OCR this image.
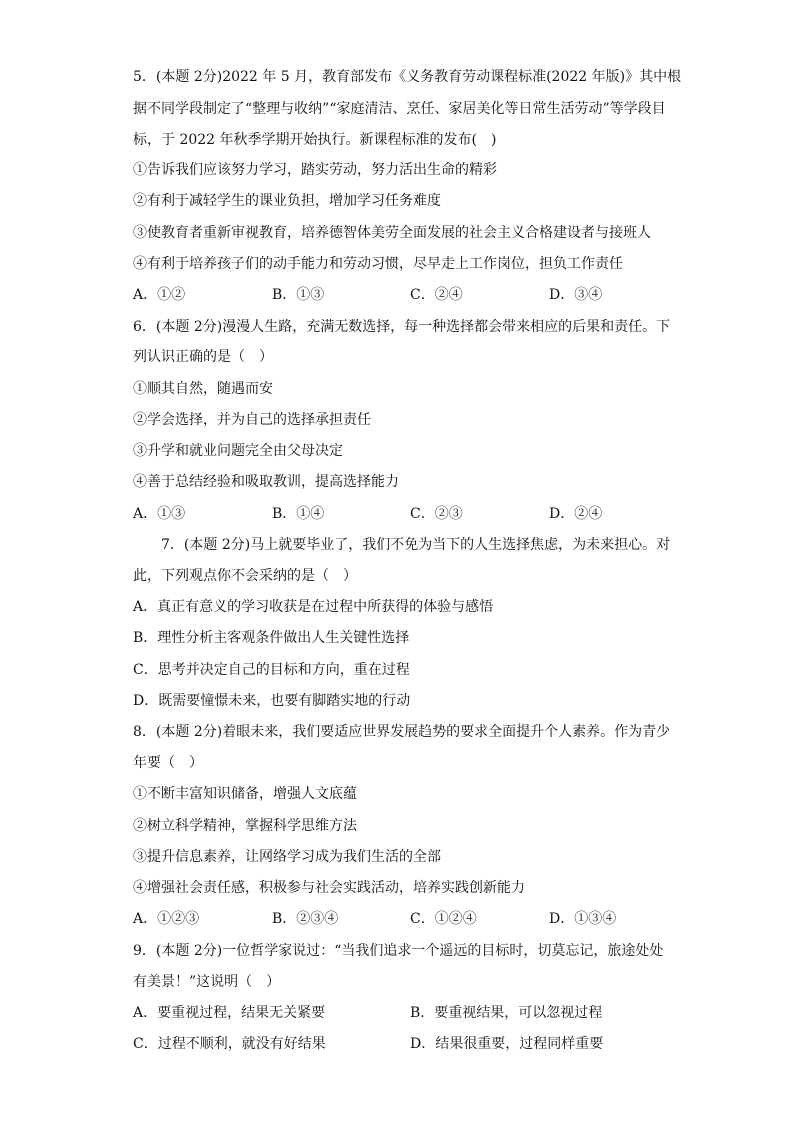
5．(本题 2分)2022 年 5 月，教育部发布《义务教育劳动课程标准(2022 年版)》其中根
据不同学段制定了“整理与收纳”“家庭清洁、烹任、家居美化等日常生活劳动”等学段目
标，于 2022 年秋季学期开始执行。新课程标准的发布(　)
①告诉我们应该努力学习，踏实劳动，努力活出生命的精彩
②有利于减轻学生的课业负担，增加学习任务难度
③使教育者重新审视教育，培养德智体美劳全面发展的社会主义合格建设者与接班人
④有利于培养孩子们的动手能力和劳动习惯，尽早走上工作岗位，担负工作责任
A．①②	B．①③	C．②④	D．③④
6．(本题 2分)漫漫人生路，充满无数选择，每一种选择都会带来相应的后果和责任。下
列认识正确的是（　）
①顺其自然，随遇而安
②学会选择，并为自己的选择承担责任
③升学和就业问题完全由父母决定
④善于总结经验和吸取教训，提高选择能力
A．①③	B．①④	C．②③	D．②④
7．(本题 2分)马上就要毕业了，我们不免为当下的人生选择焦虑，为未来担心。对
此，下列观点你不会采纳的是（　）
A．真正有意义的学习收获是在过程中所获得的体验与感悟
B．理性分析主客观条件做出人生关键性选择
C．思考并决定自己的目标和方向，重在过程
D．既需要憧憬未来，也要有脚踏实地的行动
8．(本题 2分)着眼未来，我们要适应世界发展趋势的要求全面提升个人素养。作为青少
年要（　）
①不断丰富知识储备，增强人文底蕴
②树立科学精神，掌握科学思维方法
③提升信息素养，让网络学习成为我们生活的全部
④增强社会责任感，积极参与社会实践活动，培养实践创新能力
A．①②③	B．②③④	C．①②④	D．①③④
9．(本题 2分)一位哲学家说过：“当我们追求一个遥远的目标时，切莫忘记，旅途处处
有美景！”这说明（　）
A．要重视过程，结果无关紧要	B．要重视结果，可以忽视过程
C．过程不顺利，就没有好结果	D．结果很重要，过程同样重要
